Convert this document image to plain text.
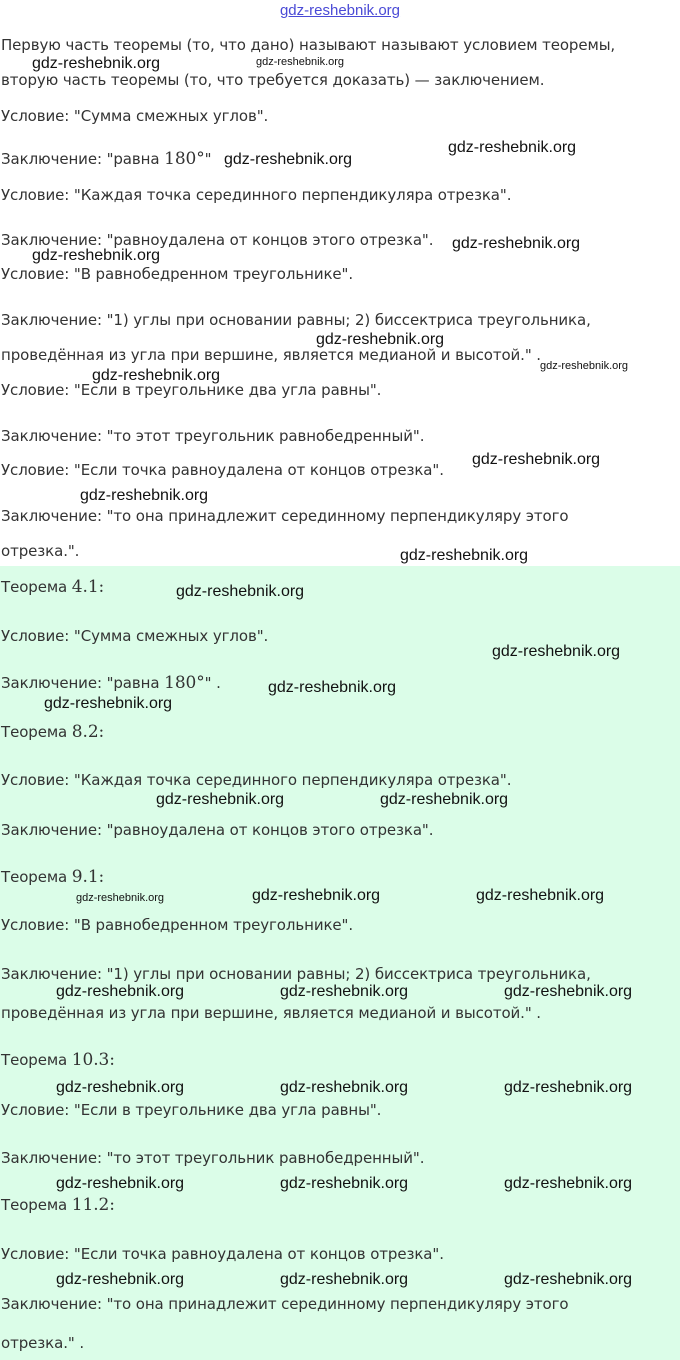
gdz-reshebnik.org
Первую часть теоремы (то, что дано) называют называют условием теоремы,
вторую часть теоремы (то, что требуется доказать) — заключением.
Условие: "Сумма смежных углов".
Заключение: "равна 180°"
Условие: "Каждая точка серединного перпендикуляра отрезка".
Заключение: "равноудалена от концов этого отрезка".
Условие: "В равнобедренном треугольнике".
Заключение: "1) углы при основании равны; 2) биссектриса треугольника,
проведённая из угла при вершине, является медианой и высотой." .
Условие: "Если в треугольнике два угла равны".
Заключение: "то этот треугольник равнобедренный".
Условие: "Если точка равноудалена от концов отрезка".
Заключение: "то она принадлежит серединному перпендикуляру этого
отрезка.".
Теорема 4.1:
Условие: "Сумма смежных углов".
Заключение: "равна 180°" .
Теорема 8.2:
Условие: "Каждая точка серединного перпендикуляра отрезка".
Заключение: "равноудалена от концов этого отрезка".
Теорема 9.1:
Условие: "В равнобедренном треугольнике".
Заключение: "1) углы при основании равны; 2) биссектриса треугольника,
проведённая из угла при вершине, является медианой и высотой." .
Теорема 10.3:
Условие: "Если в треугольнике два угла равны".
Заключение: "то этот треугольник равнобедренный".
Теорема 11.2:
Условие: "Если точка равноудалена от концов отрезка".
Заключение: "то она принадлежит серединному перпендикуляру этого
отрезка." .
gdz-reshebnik.org	gdz-reshebnik.org
gdz-reshebnik.org
gdz-reshebnik.org
gdz-reshebnik.org
gdz-reshebnik.org
gdz-reshebnik.org
gdz-reshebnik.org
gdz-reshebnik.org
gdz-reshebnik.org
gdz-reshebnik.org
gdz-reshebnik.org
gdz-reshebnik.org
gdz-reshebnik.org
gdz-reshebnik.org
gdz-reshebnik.org
gdz-reshebnik.org	gdz-reshebnik.org
gdz-reshebnik.org	gdz-reshebnik.org	gdz-reshebnik.org
gdz-reshebnik.org	gdz-reshebnik.org	gdz-reshebnik.org
gdz-reshebnik.org	gdz-reshebnik.org	gdz-reshebnik.org
gdz-reshebnik.org	gdz-reshebnik.org	gdz-reshebnik.org
gdz-reshebnik.org	gdz-reshebnik.org	gdz-reshebnik.org
